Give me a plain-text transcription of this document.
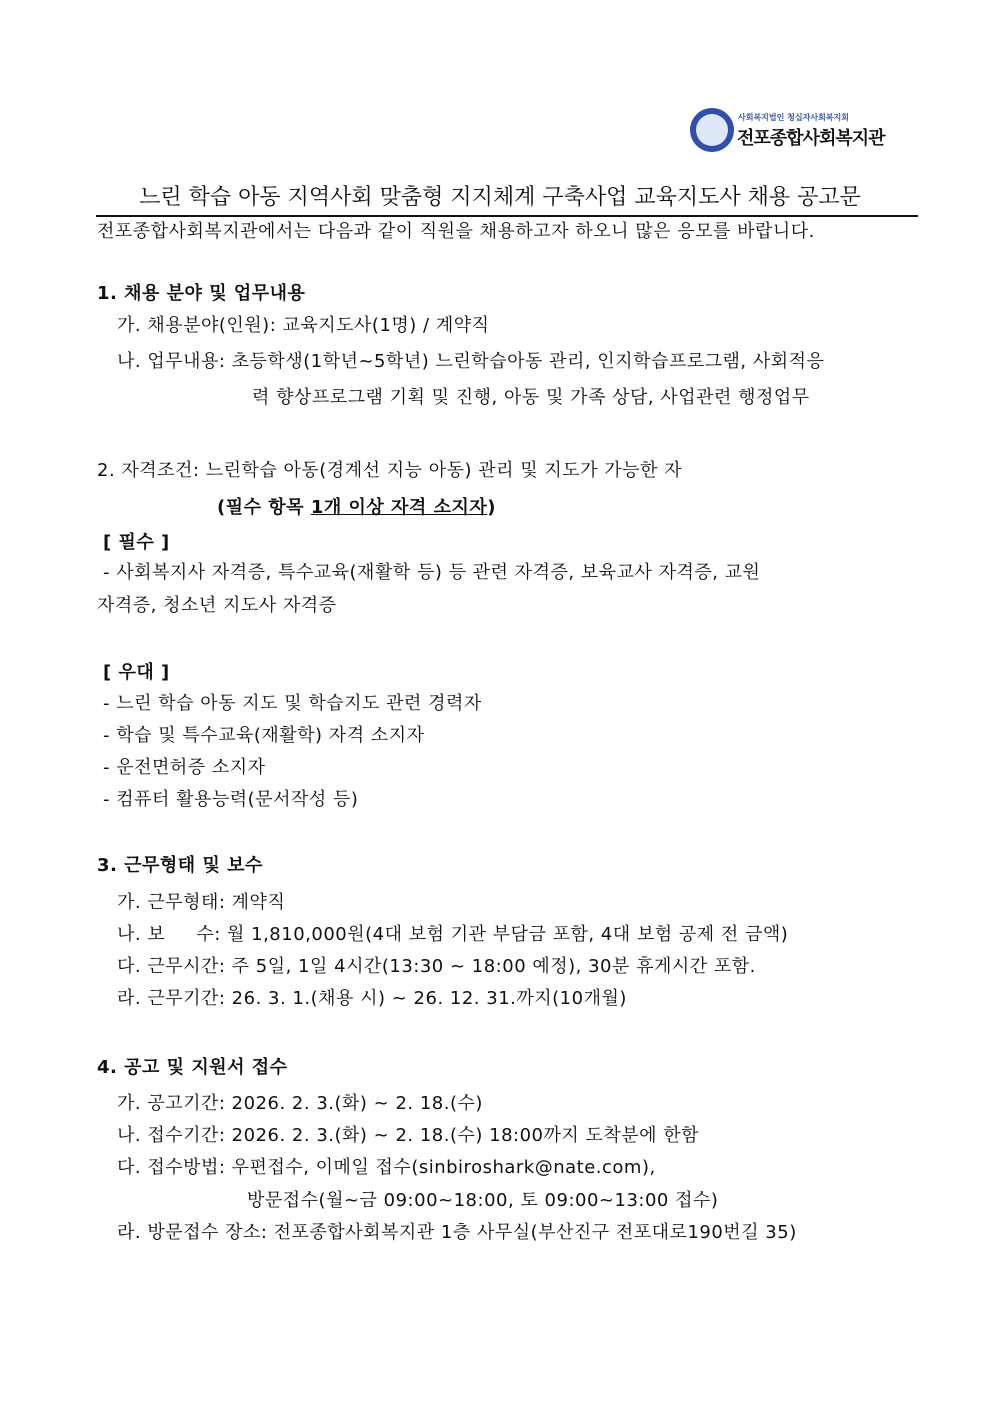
사회복지법인 청십자사회복지회
전포종합사회복지관
느린 학습 아동 지역사회 맞춤형 지지체계 구축사업 교육지도사 채용 공고문
전포종합사회복지관에서는 다음과 같이 직원을 채용하고자 하오니 많은 응모를 바랍니다.
1. 채용 분야 및 업무내용
가. 채용분야(인원): 교육지도사(1명) / 계약직
나. 업무내용: 초등학생(1학년~5학년) 느린학습아동 관리, 인지학습프로그램, 사회적응
력 향상프로그램 기획 및 진행, 아동 및 가족 상담, 사업관련 행정업무
2. 자격조건: 느린학습 아동(경계선 지능 아동) 관리 및 지도가 가능한 자
(필수 항목 1개 이상 자격 소지자)
[ 필수 ]
- 사회복지사 자격증, 특수교육(재활학 등) 등 관련 자격증, 보육교사 자격증, 교원
자격증, 청소년 지도사 자격증
[ 우대 ]
- 느린 학습 아동 지도 및 학습지도 관련 경력자
- 학습 및 특수교육(재활학) 자격 소지자
- 운전면허증 소지자
- 컴퓨터 활용능력(문서작성 등)
3. 근무형태 및 보수
가. 근무형태: 계약직
나. 보     수: 월 1,810,000원(4대 보험 기관 부담금 포함, 4대 보험 공제 전 금액)
다. 근무시간: 주 5일, 1일 4시간(13:30 ~ 18:00 예정), 30분 휴게시간 포함.
라. 근무기간: 26. 3. 1.(채용 시) ~ 26. 12. 31.까지(10개월)
4. 공고 및 지원서 접수
가. 공고기간: 2026. 2. 3.(화) ~ 2. 18.(수)
나. 접수기간: 2026. 2. 3.(화) ~ 2. 18.(수) 18:00까지 도착분에 한함
다. 접수방법: 우편접수, 이메일 접수(sinbiroshark@nate.com),
방문접수(월~금 09:00~18:00, 토 09:00~13:00 접수)
라. 방문접수 장소: 전포종합사회복지관 1층 사무실(부산진구 전포대로190번길 35)
